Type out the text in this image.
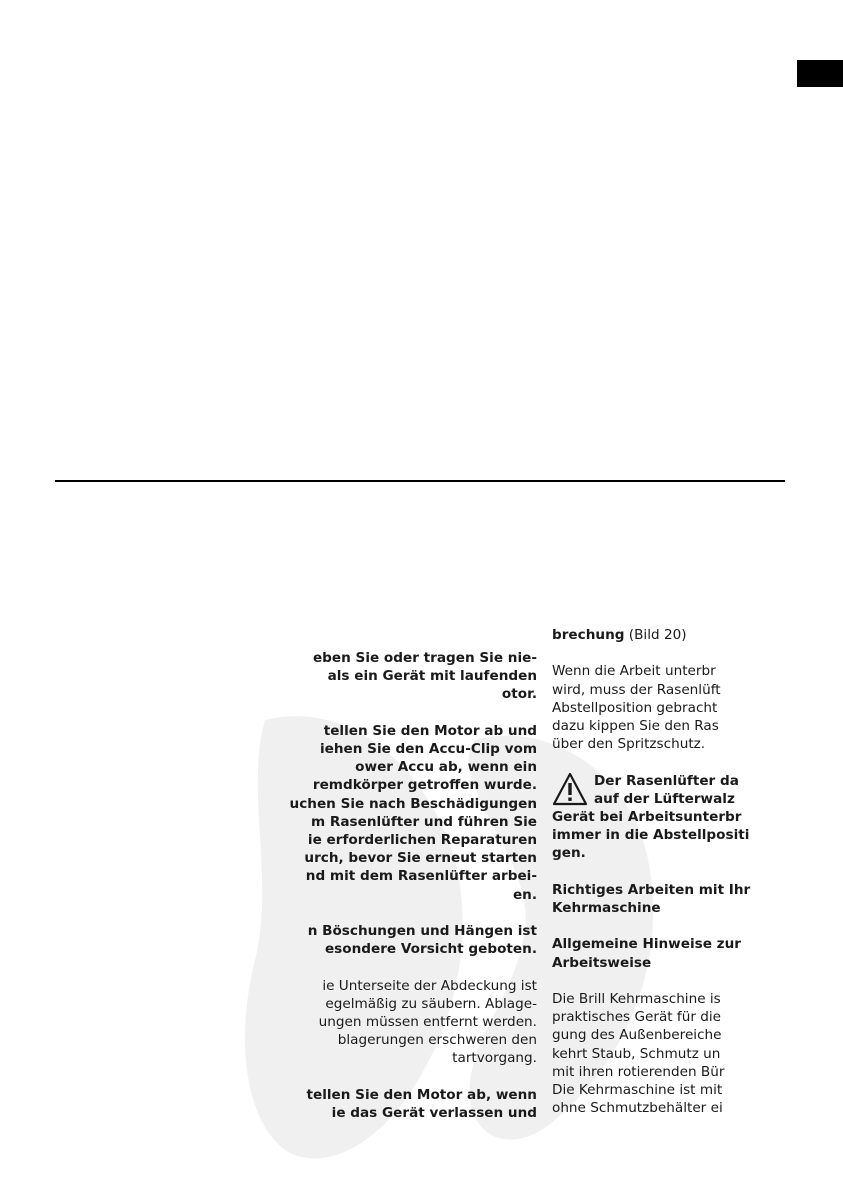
eben Sie oder tragen Sie nie-

als ein Gerät mit laufenden

otor.

tellen Sie den Motor ab und

iehen Sie den Accu-Clip vom

ower Accu ab, wenn ein

remdkörper getroffen wurde.

uchen Sie nach Beschädigungen

m Rasenlüfter und führen Sie

ie erforderlichen Reparaturen

urch, bevor Sie erneut starten

nd mit dem Rasenlüfter arbei-

en.

n Böschungen und Hängen ist

esondere Vorsicht geboten.

ie Unterseite der Abdeckung ist

egelmäßig zu säubern. Ablage-

ungen müssen entfernt werden.

blagerungen erschweren den

tartvorgang.

tellen Sie den Motor ab, wenn

ie das Gerät verlassen und

brechung (Bild 20)

Wenn die Arbeit unterbr

wird, muss der Rasenlüft

Abstellposition gebracht

dazu kippen Sie den Ras

über den Spritzschutz.

Der Rasenlüfter da

auf der Lüfterwalz

Gerät bei Arbeitsunterbr

immer in die Abstellpositi

gen.

Richtiges Arbeiten mit Ihr

Kehrmaschine

Allgemeine Hinweise zur

Arbeitsweise

Die Brill Kehrmaschine is

praktisches Gerät für die

gung des Außenbereiche

kehrt Staub, Schmutz un

mit ihren rotierenden Bür

Die Kehrmaschine ist mit

ohne Schmutzbehälter ei
